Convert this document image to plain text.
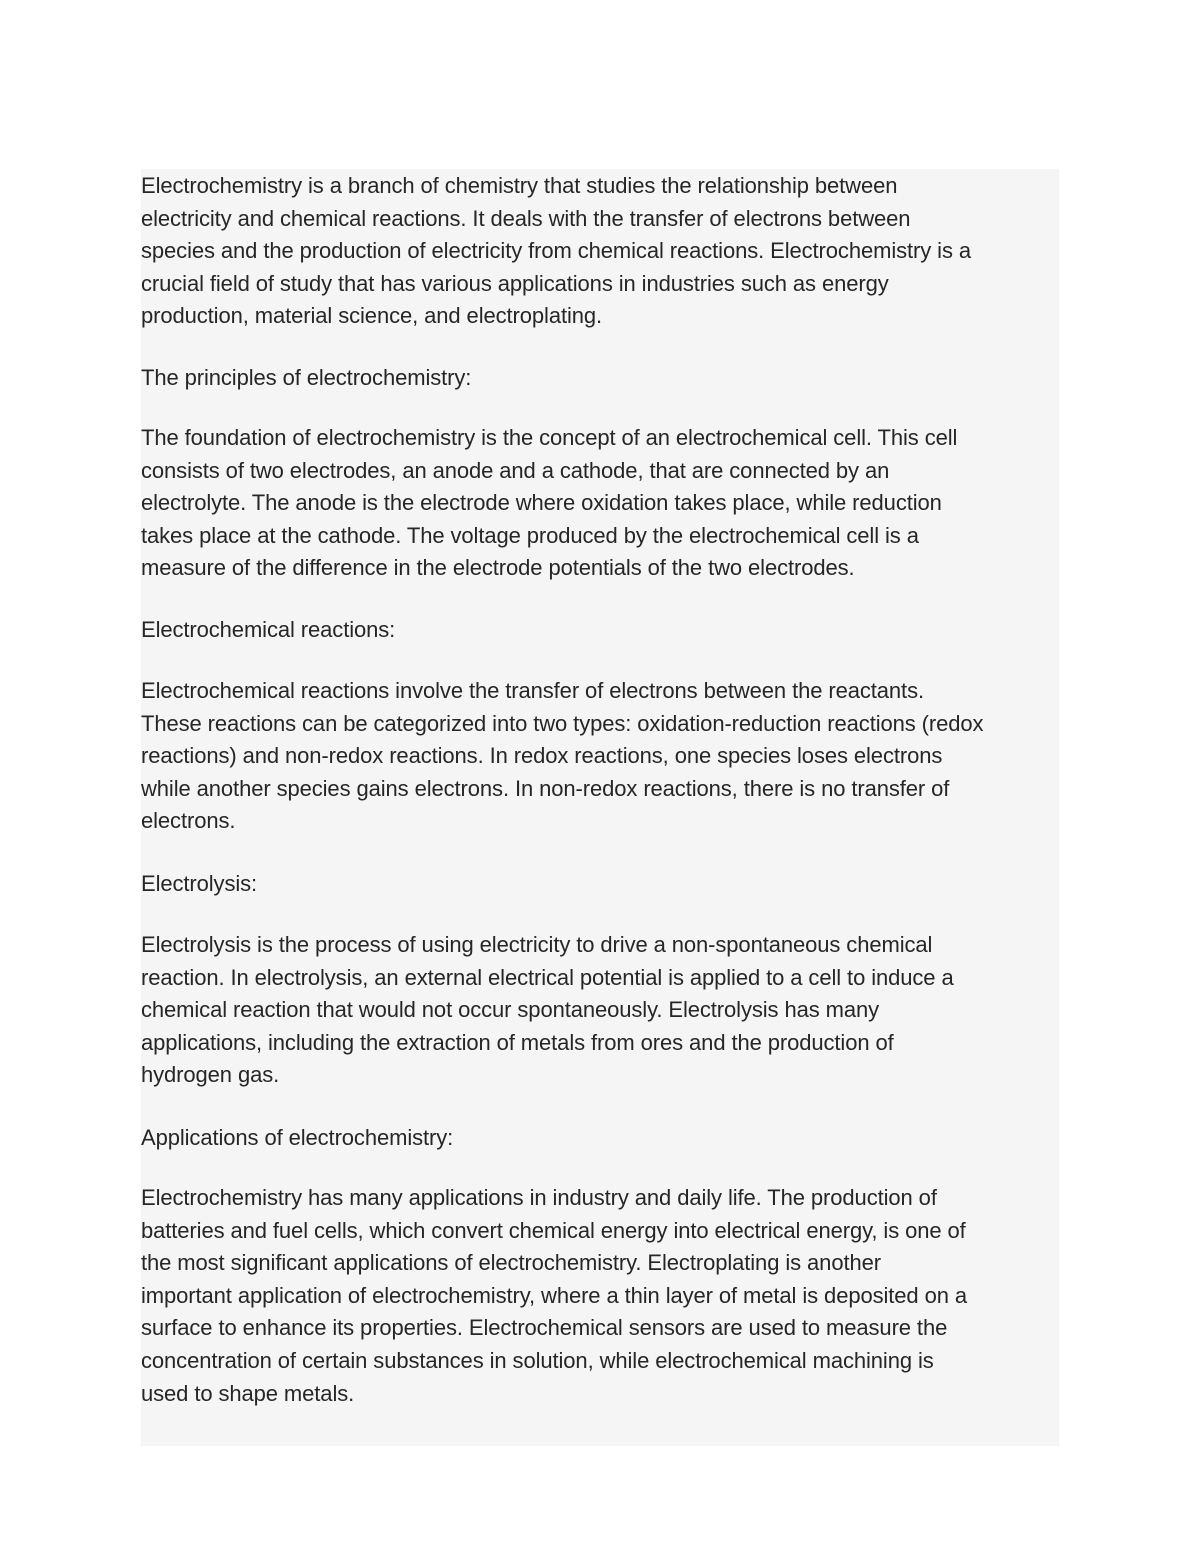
Electrochemistry is a branch of chemistry that studies the relationship between
electricity and chemical reactions. It deals with the transfer of electrons between
species and the production of electricity from chemical reactions. Electrochemistry is a
crucial field of study that has various applications in industries such as energy
production, material science, and electroplating.
The principles of electrochemistry:
The foundation of electrochemistry is the concept of an electrochemical cell. This cell
consists of two electrodes, an anode and a cathode, that are connected by an
electrolyte. The anode is the electrode where oxidation takes place, while reduction
takes place at the cathode. The voltage produced by the electrochemical cell is a
measure of the difference in the electrode potentials of the two electrodes.
Electrochemical reactions:
Electrochemical reactions involve the transfer of electrons between the reactants.
These reactions can be categorized into two types: oxidation-reduction reactions (redox
reactions) and non-redox reactions. In redox reactions, one species loses electrons
while another species gains electrons. In non-redox reactions, there is no transfer of
electrons.
Electrolysis:
Electrolysis is the process of using electricity to drive a non-spontaneous chemical
reaction. In electrolysis, an external electrical potential is applied to a cell to induce a
chemical reaction that would not occur spontaneously. Electrolysis has many
applications, including the extraction of metals from ores and the production of
hydrogen gas.
Applications of electrochemistry:
Electrochemistry has many applications in industry and daily life. The production of
batteries and fuel cells, which convert chemical energy into electrical energy, is one of
the most significant applications of electrochemistry. Electroplating is another
important application of electrochemistry, where a thin layer of metal is deposited on a
surface to enhance its properties. Electrochemical sensors are used to measure the
concentration of certain substances in solution, while electrochemical machining is
used to shape metals.
